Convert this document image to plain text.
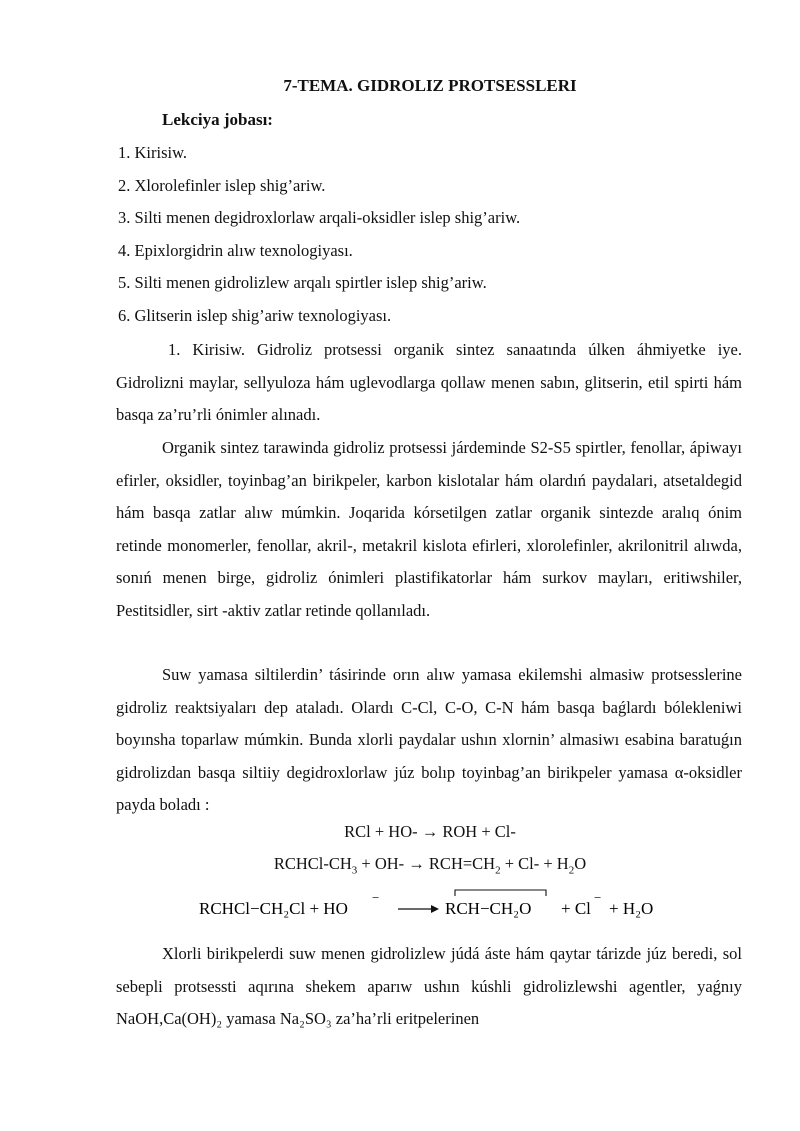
7-TEMA. GIDROLIZ PROTSESSLERI
Lekciya jobası:
1. Kirisiw.
2. Xlorolefinler islep shig’ariw.
3. Silti menen degidroxlorlaw arqali-oksidler islep shig’ariw.
4. Epixlorgidrin alıw texnologiyası.
5. Silti menen gidrolizlew arqalı spirtler islep shig’ariw.
6. Glitserin islep shig’ariw texnologiyası.

1. Kirisiw. Gidroliz protsessi organik sintez sanaatında úlken áhmiyetke iye. Gidrolizni maylar, sellyuloza hám uglevodlarga qollaw menen sabın, glitserin, etil spirti hám basqa za’ru’rli ónimler alınadı.

Organik sintez tarawinda gidroliz protsessi járdeminde S2-S5 spirtler, fenollar, ápiwayı efirler, oksidler, toyinbag’an birikpeler, karbon kislotalar hám olardıń paydalari, atsetaldegid hám basqa zatlar alıw múmkin. Joqarida kórsetilgen zatlar organik sintezde aralıq ónim retinde monomerler, fenollar, akril-, metakril kislota efirleri, xlorolefinler, akrilonitril alıwda, sonıń menen birge, gidroliz ónimleri plastifikatorlar hám surkov mayları, eritiwshiler, Pestitsidler, sirt -aktiv zatlar retinde qollanıladı.

Suw yamasa siltilerdin’ tásirinde orın alıw yamasa ekilemshi almasiw protsesslerine gidroliz reaktsiyaları dep ataladı. Olardı C-Cl, C-O, C-N hám basqa baǵlardı bólekleniwi boyınsha toparlaw múmkin. Bunda xlorli paydalar ushın xlornin’ almasiwı esabina baratuǵın gidrolizdan basqa siltiiy degidroxlorlaw júz bolıp toyinbag’an birikpeler yamasa α-oksidler payda boladı :

RCl + HO- → ROH + Cl-
RCHCl-$CH_3 + OH- \to RCH=CH_2 + Cl- + H_2O$
RCHCl−CH₂Cl + HO
−
RCH−CH₂O + Cl
−
+ H₂O

Xlorli birikpelerdi suw menen gidrolizlew júdá áste hám qaytar tárizde júz beredi, sol sebepli protsessti aqırına shekem aparıw ushın kúshli gidrolizlewshi agentler, yaǵnıy NaOH,Ca(OH)₂ yamasa Na₂SO₃ za’ha’rli eritpelerinen
